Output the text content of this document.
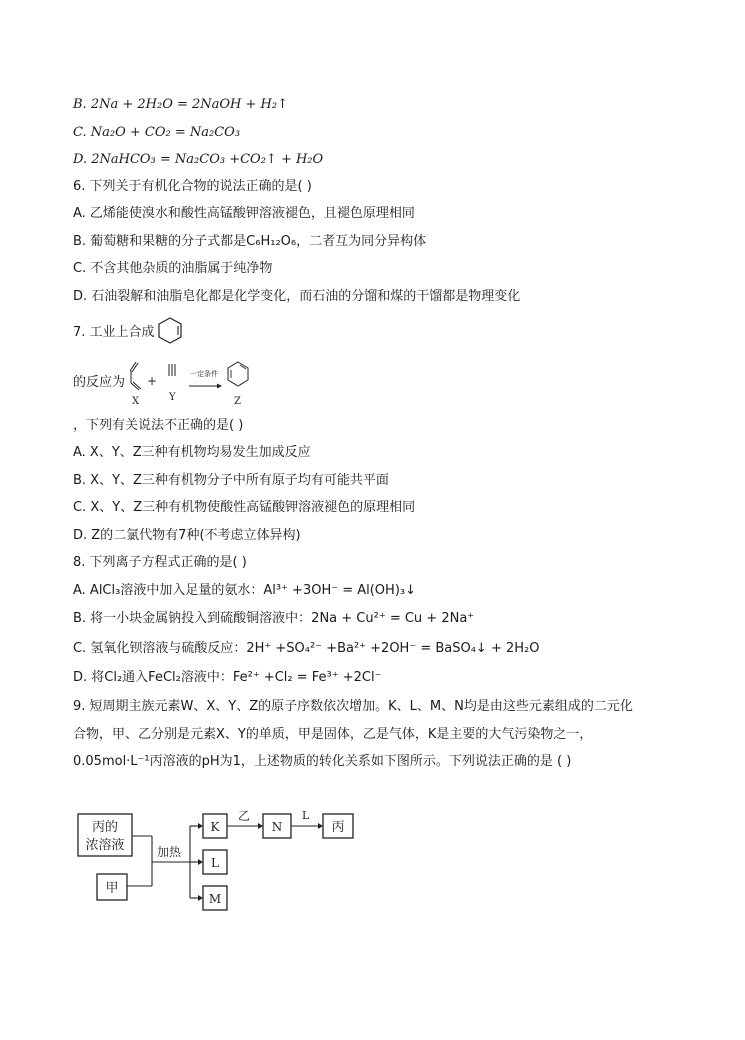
B. 2Na + 2H₂O = 2NaOH + H₂↑
C. Na₂O + CO₂ = Na₂CO₃
D. 2NaHCO₃ = Na₂CO₃ +CO₂↑ + H₂O
6. 下列关于有机化合物的说法正确的是( )
A. 乙烯能使溴水和酸性高锰酸钾溶液褪色，且褪色原理相同
B. 葡萄糖和果糖的分子式都是C₆H₁₂O₆，二者互为同分异构体
C. 不含其他杂质的油脂属于纯净物
D. 石油裂解和油脂皂化都是化学变化，而石油的分馏和煤的干馏都是物理变化
7. 工业上合成
的反应为
X
+
Y
一定条件
Z
，下列有关说法不正确的是( )
A. X、Y、Z三种有机物均易发生加成反应
B. X、Y、Z三种有机物分子中所有原子均有可能共平面
C. X、Y、Z三种有机物使酸性高锰酸钾溶液褪色的原理相同
D. Z的二氯代物有7种(不考虑立体异构)
8. 下列离子方程式正确的是( )
A. AlCl₃溶液中加入足量的氨水：Al³⁺ +3OH⁻ = Al(OH)₃↓
B. 将一小块金属钠投入到硫酸铜溶液中：2Na + Cu²⁺ = Cu + 2Na⁺
C. 氢氧化钡溶液与硫酸反应：2H⁺ +SO₄²⁻ +Ba²⁺ +2OH⁻ = BaSO₄↓ + 2H₂O
D. 将Cl₂通入FeCl₂溶液中：Fe²⁺ +Cl₂ = Fe³⁺ +2Cl⁻
9. 短周期主族元素W、X、Y、Z的原子序数依次增加。K、L、M、N均是由这些元素组成的二元化
合物，甲、乙分别是元素X、Y的单质，甲是固体，乙是气体，K是主要的大气污染物之一，
0.05mol·L⁻¹丙溶液的pH为1，上述物质的转化关系如下图所示。下列说法正确的是 ( )
丙的
浓溶液
甲
加热
K
L
M
乙
N
L
丙
